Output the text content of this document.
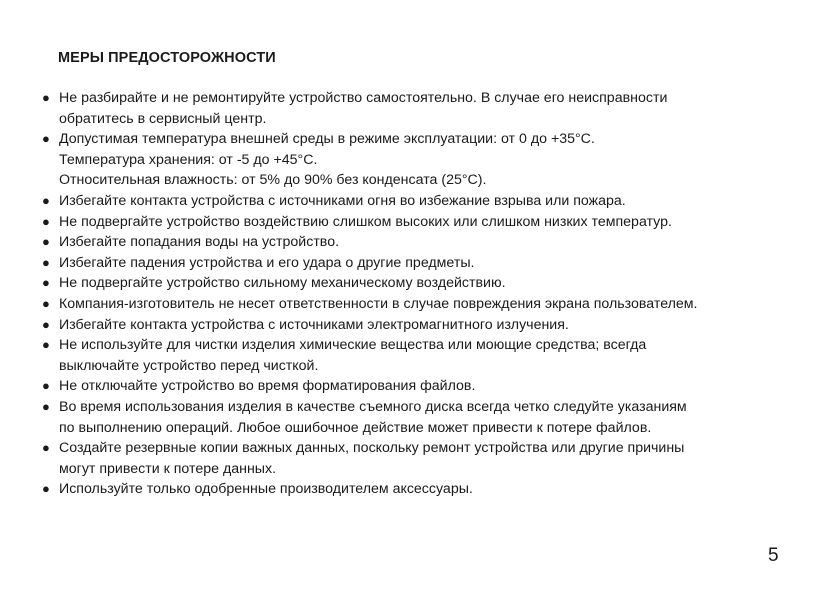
МЕРЫ ПРЕДОСТОРОЖНОСТИ
● Не разбирайте и не ремонтируйте устройство самостоятельно. В случае его неисправности
обратитесь в сервисный центр.
● Допустимая температура внешней среды в режиме эксплуатации: от 0 до +35°C.
Температура хранения: от -5 до +45°C.
Относительная влажность: от 5% до 90% без конденсата (25°C).
● Избегайте контакта устройства с источниками огня во избежание взрыва или пожара.
● Не подвергайте устройство воздействию слишком высоких или слишком низких температур.
● Избегайте попадания воды на устройство.
● Избегайте падения устройства и его удара о другие предметы.
● Не подвергайте устройство сильному механическому воздействию.
● Компания-изготовитель не несет ответственности в случае повреждения экрана пользователем.
● Избегайте контакта устройства с источниками электромагнитного излучения.
● Не используйте для чистки изделия химические вещества или моющие средства; всегда
выключайте устройство перед чисткой.
● Не отключайте устройство во время форматирования файлов.
● Во время использования изделия в качестве съемного диска всегда четко следуйте указаниям
по выполнению операций. Любое ошибочное действие может привести к потере файлов.
● Создайте резервные копии важных данных, поскольку ремонт устройства или другие причины
могут привести к потере данных.
● Используйте только одобренные производителем аксессуары.

5
